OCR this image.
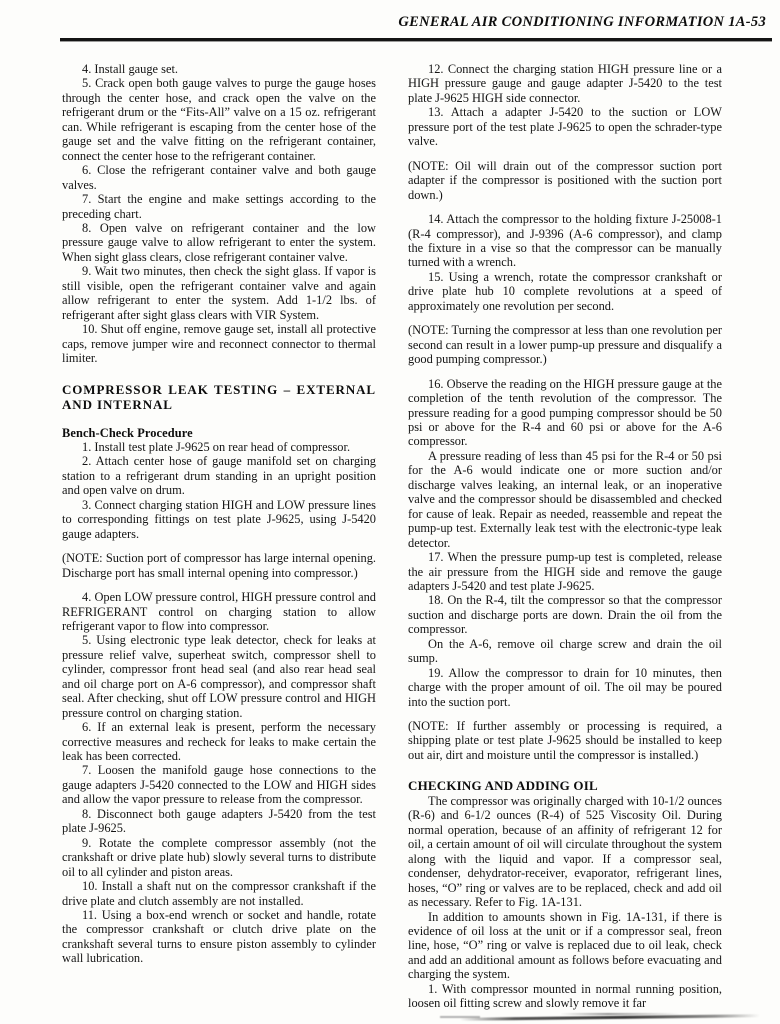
GENERAL AIR CONDITIONING INFORMATION 1A-53

4. Install gauge set.

5. Crack open both gauge valves to purge the gauge hoses through the center hose, and crack open the valve on the refrigerant drum or the “Fits-All” valve on a 15 oz. refrigerant can. While refrigerant is escaping from the center hose of the gauge set and the valve fitting on the refrigerant container, connect the center hose to the refrigerant container.

6. Close the refrigerant container valve and both gauge valves.

7. Start the engine and make settings according to the preceding chart.

8. Open valve on refrigerant container and the low pressure gauge valve to allow refrigerant to enter the system. When sight glass clears, close refrigerant container valve.

9. Wait two minutes, then check the sight glass. If vapor is still visible, open the refrigerant container valve and again allow refrigerant to enter the system. Add 1-1/2 lbs. of refrigerant after sight glass clears with VIR System.

10. Shut off engine, remove gauge set, install all protective caps, remove jumper wire and reconnect connector to thermal limiter.

COMPRESSOR LEAK TESTING – EXTERNAL AND INTERNAL
Bench-Check Procedure

1. Install test plate J-9625 on rear head of compressor.

2. Attach center hose of gauge manifold set on charging station to a refrigerant drum standing in an upright position and open valve on drum.

3. Connect charging station HIGH and LOW pressure lines to corresponding fittings on test plate J-9625, using J-5420 gauge adapters.

(NOTE: Suction port of compressor has large internal opening. Discharge port has small internal opening into compressor.)

4. Open LOW pressure control, HIGH pressure control and REFRIGERANT control on charging station to allow refrigerant vapor to flow into compressor.

5. Using electronic type leak detector, check for leaks at pressure relief valve, superheat switch, compressor shell to cylinder, compressor front head seal (and also rear head seal and oil charge port on A-6 compressor), and compressor shaft seal. After checking, shut off LOW pressure control and HIGH pressure control on charging station.

6. If an external leak is present, perform the necessary corrective measures and recheck for leaks to make certain the leak has been corrected.

7. Loosen the manifold gauge hose connections to the gauge adapters J-5420 connected to the LOW and HIGH sides and allow the vapor pressure to release from the compressor.

8. Disconnect both gauge adapters J-5420 from the test plate J-9625.

9. Rotate the complete compressor assembly (not the crankshaft or drive plate hub) slowly several turns to distribute oil to all cylinder and piston areas.

10. Install a shaft nut on the compressor crankshaft if the drive plate and clutch assembly are not installed.

11. Using a box-end wrench or socket and handle, rotate the compressor crankshaft or clutch drive plate on the crankshaft several turns to ensure piston assembly to cylinder wall lubrication.

12. Connect the charging station HIGH pressure line or a HIGH pressure gauge and gauge adapter J-5420 to the test plate J-9625 HIGH side connector.

13. Attach a adapter J-5420 to the suction or LOW pressure port of the test plate J-9625 to open the schrader-type valve.

(NOTE: Oil will drain out of the compressor suction port adapter if the compressor is positioned with the suction port down.)

14. Attach the compressor to the holding fixture J-25008-1 (R-4 compressor), and J-9396 (A-6 compressor), and clamp the fixture in a vise so that the compressor can be manually turned with a wrench.

15. Using a wrench, rotate the compressor crankshaft or drive plate hub 10 complete revolutions at a speed of approximately one revolution per second.

(NOTE: Turning the compressor at less than one revolution per second can result in a lower pump-up pressure and disqualify a good pumping compressor.)

16. Observe the reading on the HIGH pressure gauge at the completion of the tenth revolution of the compressor. The pressure reading for a good pumping compressor should be 50 psi or above for the R-4 and 60 psi or above for the A-6 compressor.

A pressure reading of less than 45 psi for the R-4 or 50 psi for the A-6 would indicate one or more suction and/or discharge valves leaking, an internal leak, or an inoperative valve and the compressor should be disassembled and checked for cause of leak. Repair as needed, reassemble and repeat the pump-up test. Externally leak test with the electronic-type leak detector.

17. When the pressure pump-up test is completed, release the air pressure from the HIGH side and remove the gauge adapters J-5420 and test plate J-9625.

18. On the R-4, tilt the compressor so that the compressor suction and discharge ports are down. Drain the oil from the compressor.

On the A-6, remove oil charge screw and drain the oil sump.

19. Allow the compressor to drain for 10 minutes, then charge with the proper amount of oil. The oil may be poured into the suction port.

(NOTE: If further assembly or processing is required, a shipping plate or test plate J-9625 should be installed to keep out air, dirt and moisture until the compressor is installed.)

CHECKING AND ADDING OIL

The compressor was originally charged with 10-1/2 ounces (R-6) and 6-1/2 ounces (R-4) of 525 Viscosity Oil. During normal operation, because of an affinity of refrigerant 12 for oil, a certain amount of oil will circulate throughout the system along with the liquid and vapor. If a compressor seal, condenser, dehydrator-receiver, evaporator, refrigerant lines, hoses, “O” ring or valves are to be replaced, check and add oil as necessary. Refer to Fig. 1A-131.

In addition to amounts shown in Fig. 1A-131, if there is evidence of oil loss at the unit or if a compressor seal, freon line, hose, “O” ring or valve is replaced due to oil leak, check and add an additional amount as follows before evacuating and charging the system.

1. With compressor mounted in normal running position, loosen oil fitting screw and slowly remove it far
